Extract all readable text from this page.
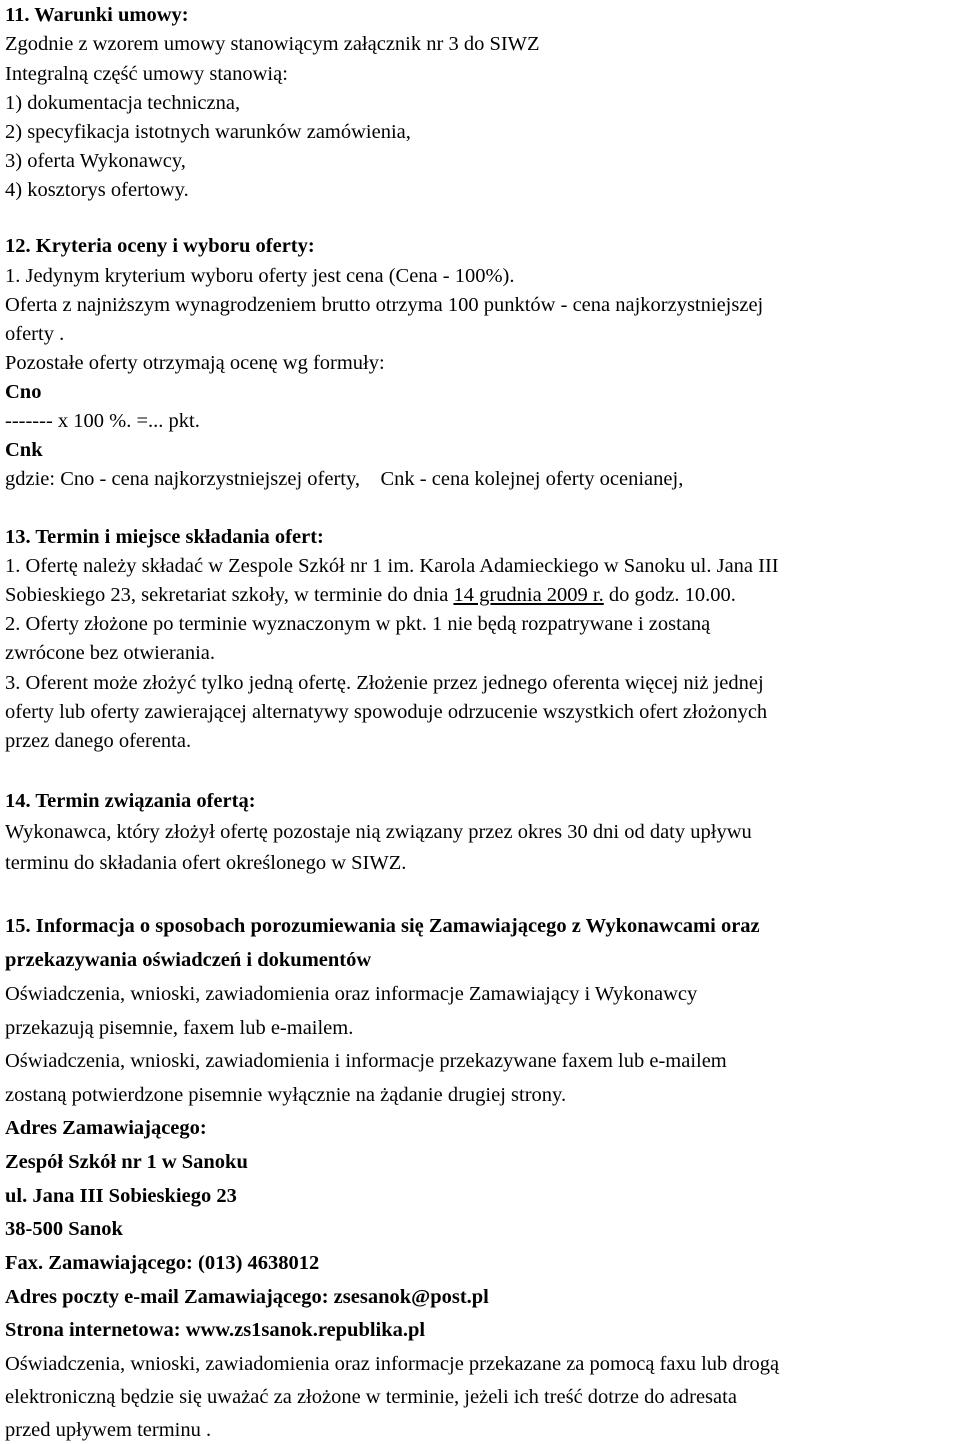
11. Warunki umowy:
Zgodnie z wzorem umowy stanowiącym załącznik nr 3 do SIWZ
Integralną część umowy stanowią:
1) dokumentacja techniczna,
2) specyfikacja istotnych warunków zamówienia,
3) oferta Wykonawcy,
4) kosztorys ofertowy.
12. Kryteria oceny i wyboru oferty:
1. Jedynym kryterium wyboru oferty jest cena (Cena - 100%).
Oferta z najniższym wynagrodzeniem brutto otrzyma 100 punktów - cena najkorzystniejszej
oferty .
Pozostałe oferty otrzymają ocenę wg formuły:
Cno
------- x 100 %. =... pkt.
Cnk
gdzie: Cno - cena najkorzystniejszej oferty,    Cnk - cena kolejnej oferty ocenianej,
13. Termin i miejsce składania ofert:
1. Ofertę należy składać w Zespole Szkół nr 1 im. Karola Adamieckiego w Sanoku ul. Jana III
Sobieskiego 23, sekretariat szkoły, w terminie do dnia 14 grudnia 2009 r. do godz. 10.00.
2. Oferty złożone po terminie wyznaczonym w pkt. 1 nie będą rozpatrywane i zostaną
zwrócone bez otwierania.
3. Oferent może złożyć tylko jedną ofertę. Złożenie przez jednego oferenta więcej niż jednej
oferty lub oferty zawierającej alternatywy spowoduje odrzucenie wszystkich ofert złożonych
przez danego oferenta.
14. Termin związania ofertą:
Wykonawca, który złożył ofertę pozostaje nią związany przez okres 30 dni od daty upływu
terminu do składania ofert określonego w SIWZ.
15. Informacja o sposobach porozumiewania się Zamawiającego z Wykonawcami oraz
przekazywania oświadczeń i dokumentów
Oświadczenia, wnioski, zawiadomienia oraz informacje Zamawiający i Wykonawcy
przekazują pisemnie, faxem lub e-mailem.
Oświadczenia, wnioski, zawiadomienia i informacje przekazywane faxem lub e-mailem
zostaną potwierdzone pisemnie wyłącznie na żądanie drugiej strony.
Adres Zamawiającego:
Zespół Szkół nr 1 w Sanoku
ul. Jana III Sobieskiego 23
38-500 Sanok
Fax. Zamawiającego: (013) 4638012
Adres poczty e-mail Zamawiającego: zsesanok@post.pl
Strona internetowa: www.zs1sanok.republika.pl
Oświadczenia, wnioski, zawiadomienia oraz informacje przekazane za pomocą faxu lub drogą
elektroniczną będzie się uważać za złożone w terminie, jeżeli ich treść dotrze do adresata
przed upływem terminu .
